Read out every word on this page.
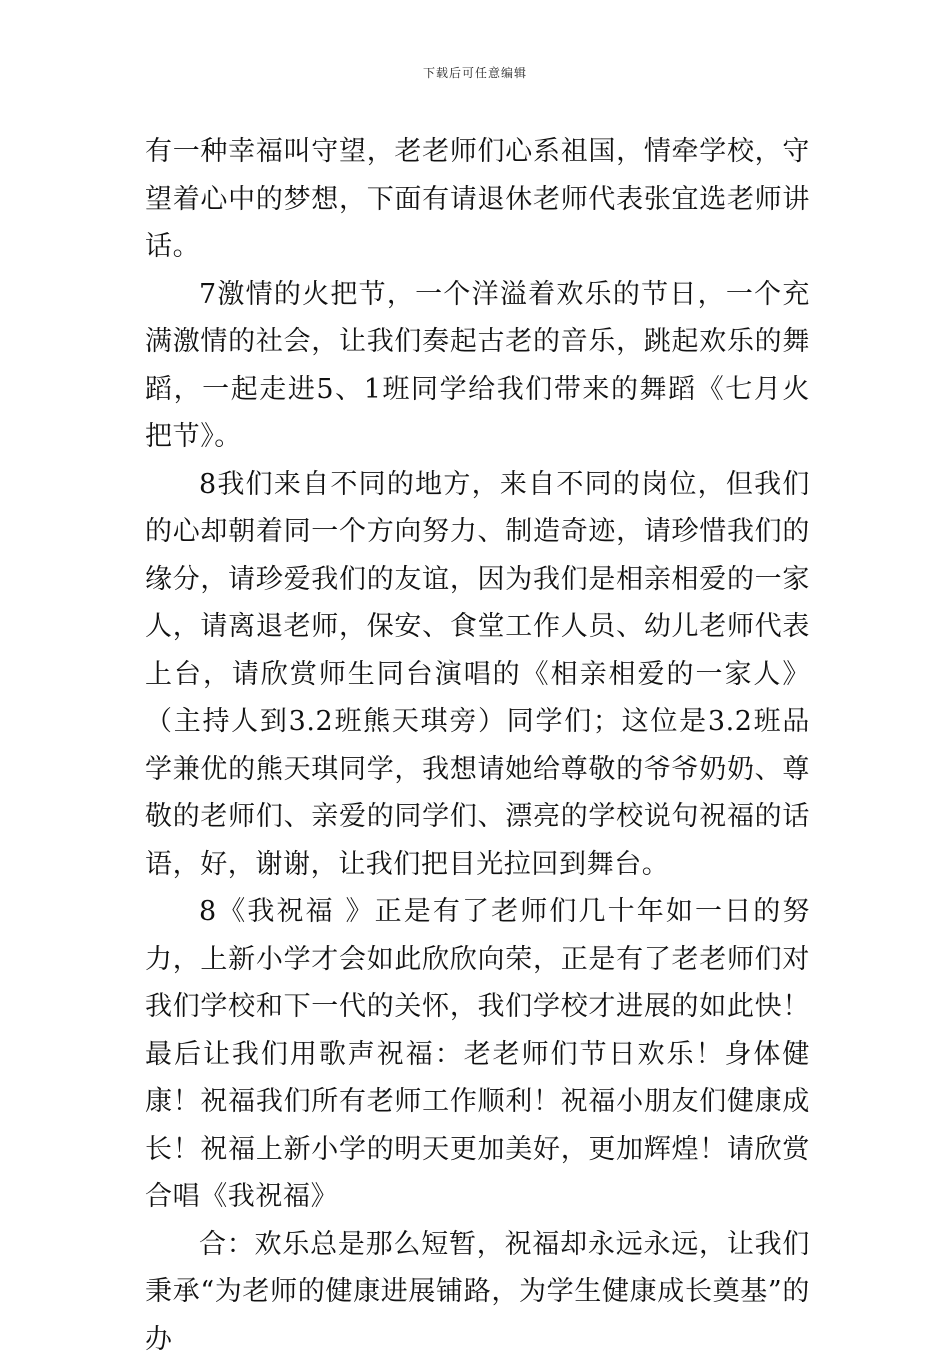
下载后可任意编辑

有一种幸福叫守望，老老师们心系祖国，情牵学校，守望着心中的梦想，下面有请退休老师代表张宜选老师讲话。

7激情的火把节，一个洋溢着欢乐的节日，一个充满激情的社会，让我们奏起古老的音乐，跳起欢乐的舞蹈，一起走进5、1班同学给我们带来的舞蹈《七月火把节》。

8我们来自不同的地方，来自不同的岗位，但我们的心却朝着同一个方向努力、制造奇迹，请珍惜我们的缘分，请珍爱我们的友谊，因为我们是相亲相爱的一家人，请离退老师，保安、食堂工作人员、幼儿老师代表上台，请欣赏师生同台演唱的《相亲相爱的一家人》（主持人到3.2班熊天琪旁）同学们；这位是3.2班品学兼优的熊天琪同学，我想请她给尊敬的爷爷奶奶、尊敬的老师们、亲爱的同学们、漂亮的学校说句祝福的话语，好，谢谢，让我们把目光拉回到舞台。

8《我祝福 》正是有了老师们几十年如一日的努力，上新小学才会如此欣欣向荣，正是有了老老师们对我们学校和下一代的关怀，我们学校才进展的如此快！最后让我们用歌声祝福：老老师们节日欢乐！身体健康！祝福我们所有老师工作顺利！祝福小朋友们健康成长！祝福上新小学的明天更加美好，更加辉煌！请欣赏合唱《我祝福》

合：欢乐总是那么短暂，祝福却永远永远，让我们秉承“为老师的健康进展铺路，为学生健康成长奠基”的办
